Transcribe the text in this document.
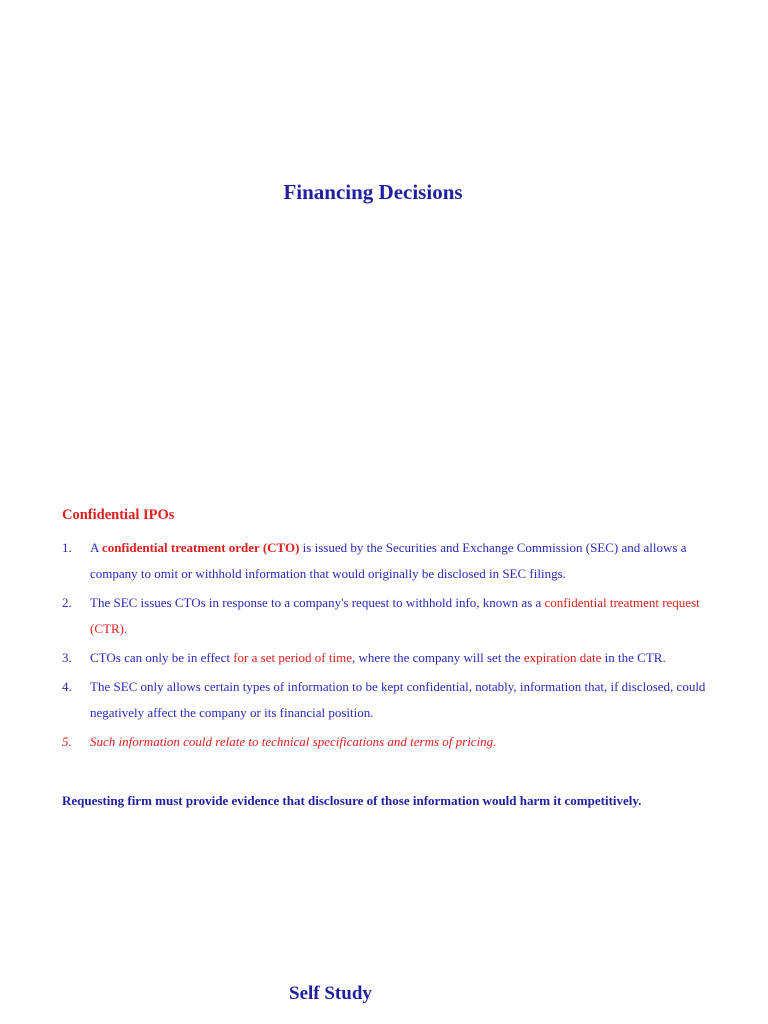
Financing Decisions
Confidential IPOs
1. A confidential treatment order (CTO) is issued by the Securities and Exchange Commission (SEC) and allows a company to omit or withhold information that would originally be disclosed in SEC filings.
2. The SEC issues CTOs in response to a company's request to withhold info, known as a confidential treatment request (CTR).
3. CTOs can only be in effect for a set period of time, where the company will set the expiration date in the CTR.
4. The SEC only allows certain types of information to be kept confidential, notably, information that, if disclosed, could negatively affect the company or its financial position.
5. Such information could relate to technical specifications and terms of pricing.

Requesting firm must provide evidence that disclosure of those information would harm it competitively.

Self Study
